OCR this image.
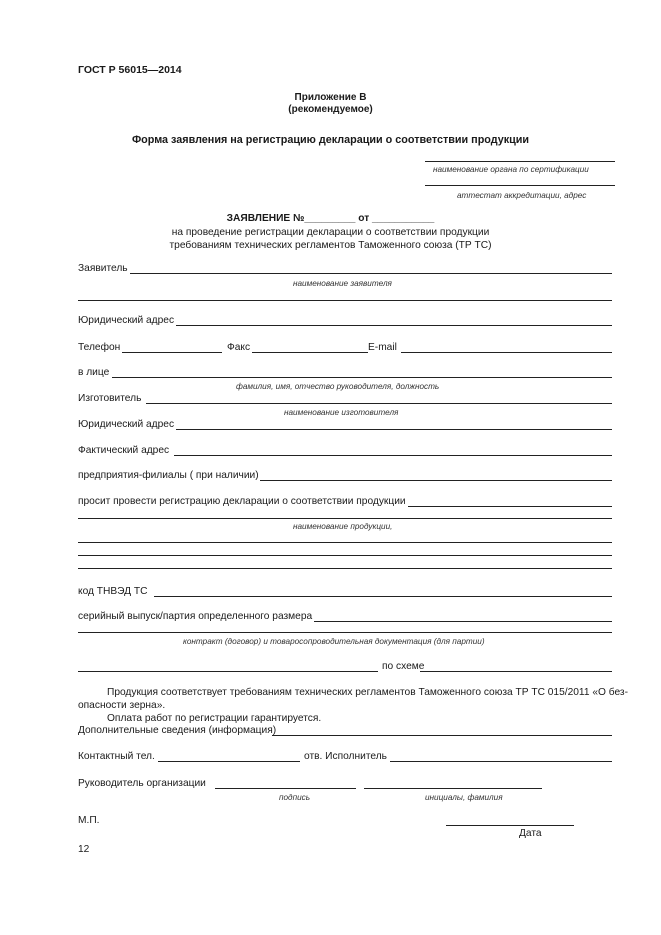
ГОСТ Р 56015—2014
Приложение В
(рекомендуемое)
Форма заявления на регистрацию декларации о соответствии продукции
наименование органа по сертификации
аттестат аккредитации, адрес
ЗАЯВЛЕНИЕ №_________ от ___________
на проведение регистрации декларации о соответствии продукции
требованиям технических регламентов Таможенного союза (ТР ТС)
Заявитель
наименование заявителя
Юридический адрес
Телефон	Факс	E-mail
в лице
фамилия, имя, отчество руководителя, должность
Изготовитель
наименование изготовителя
Юридический адрес
Фактический адрес
предприятия-филиалы ( при наличии)
просит провести регистрацию декларации о соответствии продукции
наименование продукции,
код ТНВЭД ТС
серийный выпуск/партия определенного размера
контракт (договор) и товаросопроводительная документация (для партии)
по схеме
Продукция соответствует требованиям технических регламентов Таможенного союза ТР ТС 015/2011 «О без-
опасности зерна».
Оплата работ по регистрации гарантируется.
Дополнительные сведения (информация)
Контактный тел.	отв. Исполнитель
Руководитель организации
подпись	инициалы, фамилия
М.П.
Дата
12
